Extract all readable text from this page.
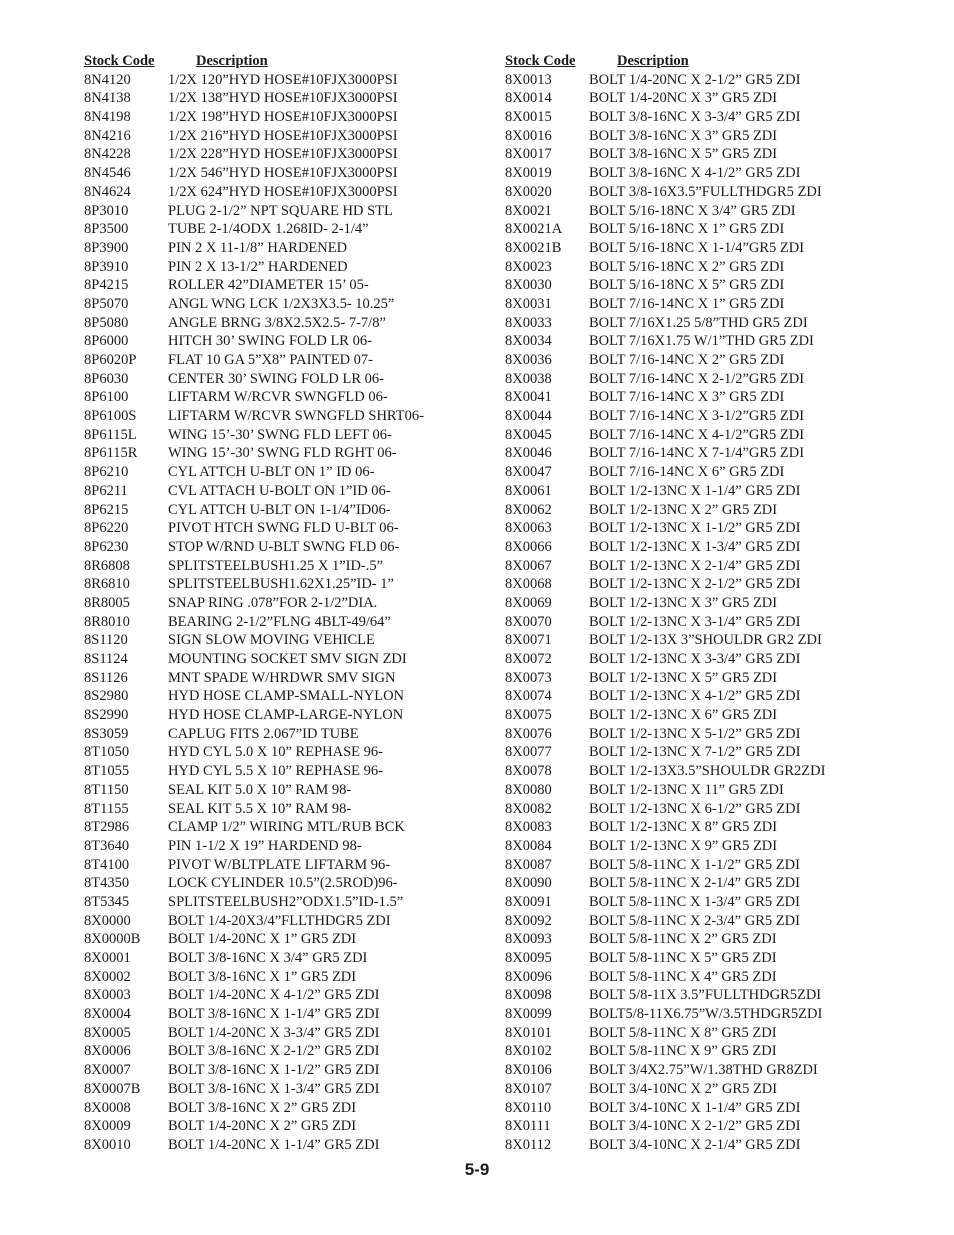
Stock Code	Description
8N4120	1/2X 120”HYD HOSE#10FJX3000PSI
8N4138	1/2X 138”HYD HOSE#10FJX3000PSI
8N4198	1/2X 198”HYD HOSE#10FJX3000PSI
8N4216	1/2X 216”HYD HOSE#10FJX3000PSI
8N4228	1/2X 228”HYD HOSE#10FJX3000PSI
8N4546	1/2X 546”HYD HOSE#10FJX3000PSI
8N4624	1/2X 624”HYD HOSE#10FJX3000PSI
8P3010	PLUG 2-1/2” NPT SQUARE HD STL
8P3500	TUBE 2-1/4ODX 1.268ID- 2-1/4”
8P3900	PIN 2 X 11-1/8” HARDENED
8P3910	PIN 2 X 13-1/2” HARDENED
8P4215	ROLLER 42”DIAMETER 15’ 05-
8P5070	ANGL WNG LCK 1/2X3X3.5- 10.25”
8P5080	ANGLE BRNG 3/8X2.5X2.5- 7-7/8”
8P6000	HITCH 30’ SWING FOLD LR 06-
8P6020P FLAT 10 GA 5”X8” PAINTED 07-
8P6030	CENTER 30’ SWING FOLD LR 06-
8P6100	LIFTARM W/RCVR SWNGFLD 06-
8P6100S LIFTARM W/RCVR SWNGFLD SHRT06-
8P6115L WING 15’-30’ SWNG FLD LEFT 06-
8P6115R WING 15’-30’ SWNG FLD RGHT 06-
8P6210	CYL ATTCH U-BLT ON 1” ID 06-
8P6211	CVL ATTACH U-BOLT ON 1”ID 06-
8P6215	CYL ATTCH U-BLT ON 1-1/4”ID06-
8P6220	PIVOT HTCH SWNG FLD U-BLT 06-
8P6230	STOP W/RND U-BLT SWNG FLD 06-
8R6808	SPLITSTEELBUSH1.25 X 1”ID-.5”
8R6810	SPLITSTEELBUSH1.62X1.25”ID- 1”
8R8005	SNAP RING .078”FOR 2-1/2”DIA.
8R8010	BEARING 2-1/2”FLNG 4BLT-49/64”
8S1120	SIGN SLOW MOVING VEHICLE
8S1124	MOUNTING SOCKET SMV SIGN ZDI
8S1126	MNT SPADE W/HRDWR SMV SIGN
8S2980	HYD HOSE CLAMP-SMALL-NYLON
8S2990	HYD HOSE CLAMP-LARGE-NYLON
8S3059	CAPLUG FITS 2.067”ID TUBE
8T1050	HYD CYL 5.0 X 10” REPHASE 96-
8T1055	HYD CYL 5.5 X 10” REPHASE 96-
8T1150	SEAL KIT 5.0 X 10” RAM 98-
8T1155	SEAL KIT 5.5 X 10” RAM 98-
8T2986	CLAMP 1/2” WIRING MTL/RUB BCK
8T3640	PIN 1-1/2 X 19” HARDEND 98-
8T4100	PIVOT W/BLTPLATE LIFTARM 96-
8T4350	LOCK CYLINDER 10.5”(2.5ROD)96-
8T5345	SPLITSTEELBUSH2”ODX1.5”ID-1.5”
8X0000	BOLT 1/4-20X3/4”FLLTHDGR5 ZDI
8X0000B BOLT 1/4-20NC X 1” GR5 ZDI
8X0001	BOLT 3/8-16NC X 3/4” GR5 ZDI
8X0002	BOLT 3/8-16NC X 1” GR5 ZDI
8X0003	BOLT 1/4-20NC X 4-1/2” GR5 ZDI
8X0004	BOLT 3/8-16NC X 1-1/4” GR5 ZDI
8X0005	BOLT 1/4-20NC X 3-3/4” GR5 ZDI
8X0006	BOLT 3/8-16NC X 2-1/2” GR5 ZDI
8X0007	BOLT 3/8-16NC X 1-1/2” GR5 ZDI
8X0007B BOLT 3/8-16NC X 1-3/4” GR5 ZDI
8X0008	BOLT 3/8-16NC X 2” GR5 ZDI
8X0009	BOLT 1/4-20NC X 2” GR5 ZDI
8X0010	BOLT 1/4-20NC X 1-1/4” GR5 ZDI
Stock Code	Description
8X0013	BOLT 1/4-20NC X 2-1/2” GR5 ZDI
8X0014	BOLT 1/4-20NC X 3” GR5 ZDI
8X0015	BOLT 3/8-16NC X 3-3/4” GR5 ZDI
8X0016	BOLT 3/8-16NC X 3” GR5 ZDI
8X0017	BOLT 3/8-16NC X 5” GR5 ZDI
8X0019	BOLT 3/8-16NC X 4-1/2” GR5 ZDI
8X0020	BOLT 3/8-16X3.5”FULLTHDGR5 ZDI
8X0021	BOLT 5/16-18NC X 3/4” GR5 ZDI
8X0021A BOLT 5/16-18NC X 1” GR5 ZDI
8X0021B BOLT 5/16-18NC X 1-1/4”GR5 ZDI
8X0023	BOLT 5/16-18NC X 2” GR5 ZDI
8X0030	BOLT 5/16-18NC X 5” GR5 ZDI
8X0031	BOLT 7/16-14NC X 1” GR5 ZDI
8X0033	BOLT 7/16X1.25 5/8”THD GR5 ZDI
8X0034	BOLT 7/16X1.75 W/1”THD GR5 ZDI
8X0036	BOLT 7/16-14NC X 2” GR5 ZDI
8X0038	BOLT 7/16-14NC X 2-1/2”GR5 ZDI
8X0041	BOLT 7/16-14NC X 3” GR5 ZDI
8X0044	BOLT 7/16-14NC X 3-1/2”GR5 ZDI
8X0045	BOLT 7/16-14NC X 4-1/2”GR5 ZDI
8X0046	BOLT 7/16-14NC X 7-1/4”GR5 ZDI
8X0047	BOLT 7/16-14NC X 6” GR5 ZDI
8X0061	BOLT 1/2-13NC X 1-1/4” GR5 ZDI
8X0062	BOLT 1/2-13NC X 2” GR5 ZDI
8X0063	BOLT 1/2-13NC X 1-1/2” GR5 ZDI
8X0066	BOLT 1/2-13NC X 1-3/4” GR5 ZDI
8X0067	BOLT 1/2-13NC X 2-1/4” GR5 ZDI
8X0068	BOLT 1/2-13NC X 2-1/2” GR5 ZDI
8X0069	BOLT 1/2-13NC X 3” GR5 ZDI
8X0070	BOLT 1/2-13NC X 3-1/4” GR5 ZDI
8X0071	BOLT 1/2-13X 3”SHOULDR GR2 ZDI
8X0072	BOLT 1/2-13NC X 3-3/4” GR5 ZDI
8X0073	BOLT 1/2-13NC X 5” GR5 ZDI
8X0074	BOLT 1/2-13NC X 4-1/2” GR5 ZDI
8X0075	BOLT 1/2-13NC X 6” GR5 ZDI
8X0076	BOLT 1/2-13NC X 5-1/2” GR5 ZDI
8X0077	BOLT 1/2-13NC X 7-1/2” GR5 ZDI
8X0078	BOLT 1/2-13X3.5”SHOULDR GR2ZDI
8X0080	BOLT 1/2-13NC X 11” GR5 ZDI
8X0082	BOLT 1/2-13NC X 6-1/2” GR5 ZDI
8X0083	BOLT 1/2-13NC X 8” GR5 ZDI
8X0084	BOLT 1/2-13NC X 9” GR5 ZDI
8X0087	BOLT 5/8-11NC X 1-1/2” GR5 ZDI
8X0090	BOLT 5/8-11NC X 2-1/4” GR5 ZDI
8X0091	BOLT 5/8-11NC X 1-3/4” GR5 ZDI
8X0092	BOLT 5/8-11NC X 2-3/4” GR5 ZDI
8X0093	BOLT 5/8-11NC X 2” GR5 ZDI
8X0095	BOLT 5/8-11NC X 5” GR5 ZDI
8X0096	BOLT 5/8-11NC X 4” GR5 ZDI
8X0098	BOLT 5/8-11X 3.5”FULLTHDGR5ZDI
8X0099	BOLT5/8-11X6.75”W/3.5THDGR5ZDI
8X0101	BOLT 5/8-11NC X 8” GR5 ZDI
8X0102	BOLT 5/8-11NC X 9” GR5 ZDI
8X0106	BOLT 3/4X2.75”W/1.38THD GR8ZDI
8X0107	BOLT 3/4-10NC X 2” GR5 ZDI
8X0110	BOLT 3/4-10NC X 1-1/4” GR5 ZDI
8X0111	BOLT 3/4-10NC X 2-1/2” GR5 ZDI
8X0112	BOLT 3/4-10NC X 2-1/4” GR5 ZDI
5-9
